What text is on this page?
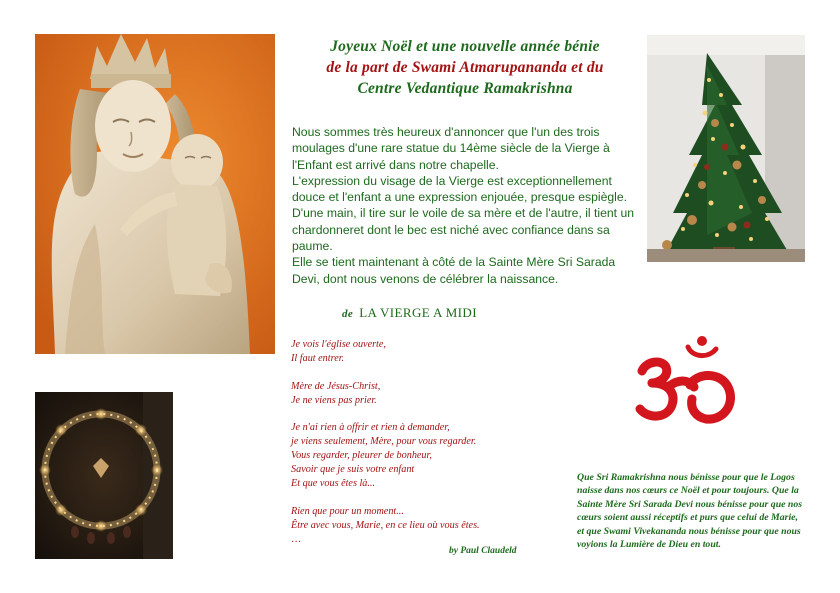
Joyeux Noël et une nouvelle année bénie
de la part de Swami Atmarupananda et du
Centre Vedantique Ramakrishna

Nous sommes très heureux d'annoncer que l'un des trois moulages d'une rare statue du 14ème siècle de la Vierge à l'Enfant est arrivé dans notre chapelle.

L'expression du visage de la Vierge est exceptionnellement douce et l'enfant a une expression enjouée, presque espiègle. D'une main, il tire sur le voile de sa mère et de l'autre, il tient un chardonneret dont le bec est niché avec confiance dans sa paume.

Elle se tient maintenant à côté de la Sainte Mère Sri Sarada Devi, dont nous venons de célébrer la naissance.

de LA VIERGE A MIDI
Je vois l'église ouverte,
Il faut entrer.
Mère de Jésus-Christ,
Je ne viens pas prier.
Je n'ai rien à offrir et rien à demander,
je viens seulement, Mère, pour vous regarder.
Vous regarder, pleurer de bonheur,
Savoir que je suis votre enfant
Et que vous êtes là...
Rien que pour un moment...
Être avec vous, Marie, en ce lieu où vous êtes.
…
by Paul Claudeld
Que Sri Ramakrishna nous bénisse pour que le Logos naisse dans nos cœurs ce Noël et pour toujours. Que la Sainte Mère Sri Sarada Devi nous bénisse pour que nos cœurs soient aussi réceptifs et purs que celui de Marie, et que Swami Vivekananda nous bénisse pour que nous voyions la Lumière de Dieu en tout.
